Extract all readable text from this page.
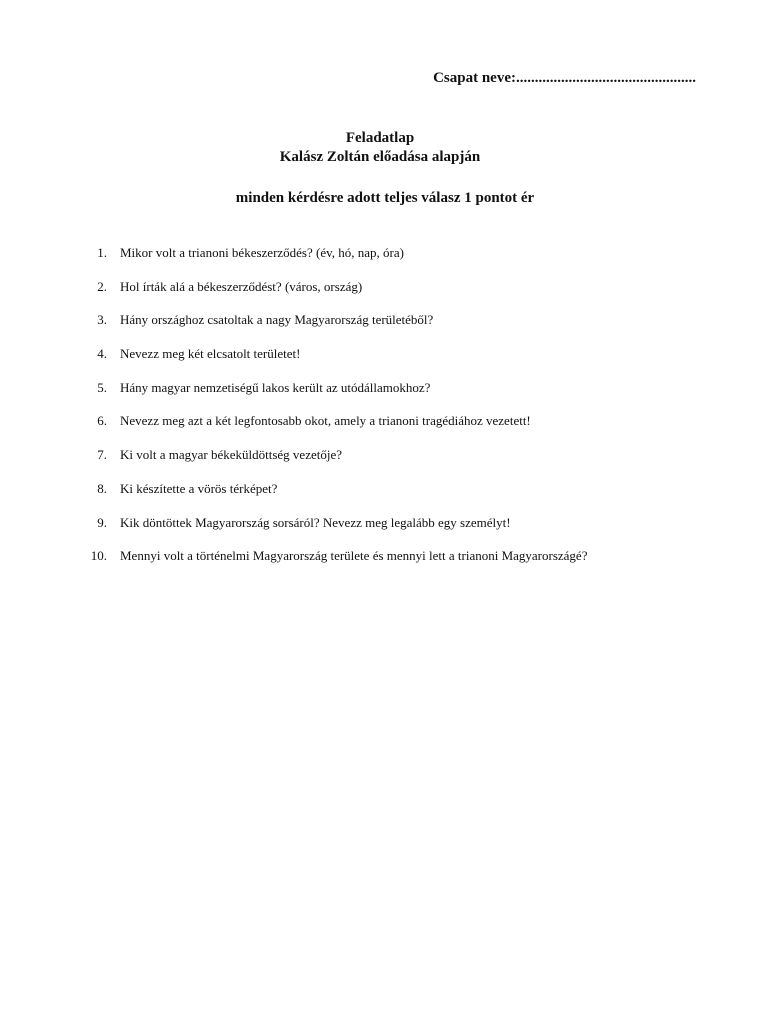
Csapat neve:................................................
Feladatlap
Kalász Zoltán előadása alapján
minden kérdésre adott teljes válasz 1 pontot ér
1. Mikor volt a trianoni békeszerződés? (év, hó, nap, óra)
2. Hol írták alá a békeszerződést? (város, ország)
3. Hány országhoz csatoltak a nagy Magyarország területéből?
4. Nevezz meg két elcsatolt területet!
5. Hány magyar nemzetiségű lakos került az utódállamokhoz?
6. Nevezz meg azt a két legfontosabb okot, amely a trianoni tragédiához vezetett!
7. Ki volt a magyar békeküldöttség vezetője?
8. Ki készítette a vörös térképet?
9. Kik döntöttek Magyarország sorsáról? Nevezz meg legalább egy személyt!
10. Mennyi volt a történelmi Magyarország területe és mennyi lett a trianoni Magyarországé?
